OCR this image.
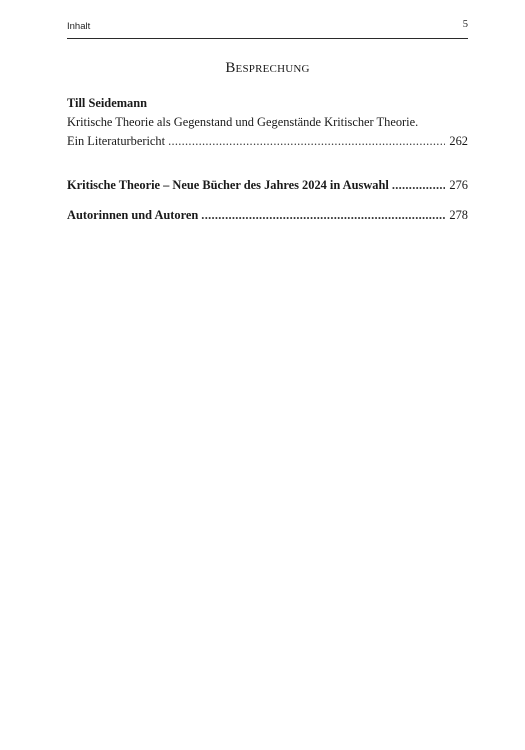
Inhalt	5
Besprechung
Till Seidemann
Kritische Theorie als Gegenstand und Gegenstände Kritischer Theorie.
Ein Literaturbericht . . .	262
Kritische Theorie – Neue Bücher des Jahres 2024 in Auswahl . . .	276
Autorinnen und Autoren . . .	278
